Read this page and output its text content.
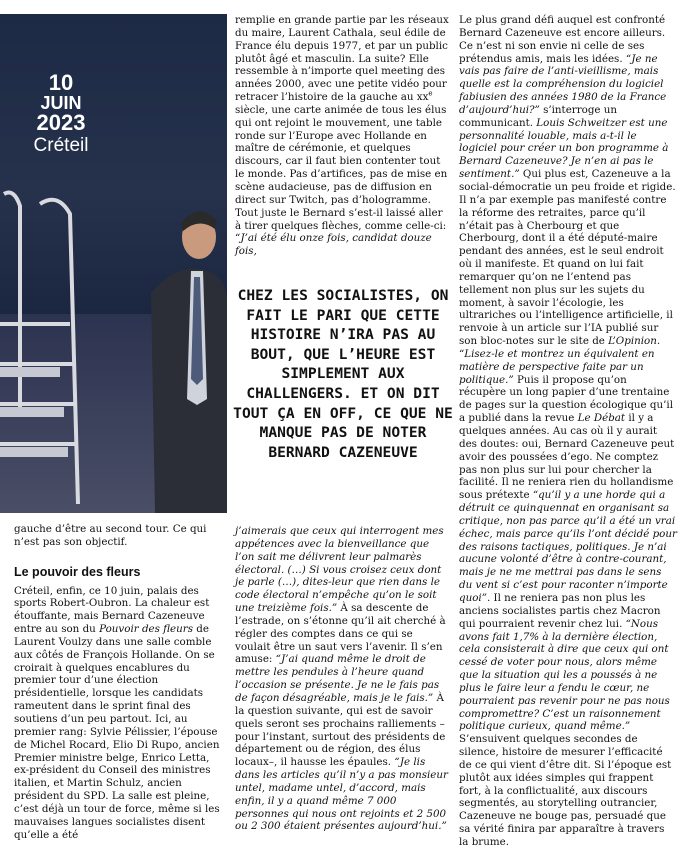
10
JUIN
2023
Créteil
CHEZ LES SOCIALISTES, ON FAIT LE PARI QUE CETTE HISTOIRE N’IRA PAS AU BOUT, QUE L’HEURE EST SIMPLEMENT AUX CHALLENGERS. ET ON DIT TOUT ÇA EN OFF, CE QUE NE MANQUE PAS DE NOTER BERNARD CAZENEUVE

gauche d’être au second tour. Ce qui n’est pas son objectif.

Le pouvoir des fleurs

Créteil, enfin, ce 10 juin, palais des sports Robert-Oubron. La chaleur est étouffante, mais Bernard Cazeneuve entre au son du Pouvoir des fleurs de Laurent Voulzy dans une salle comble aux côtés de François Hollande. On se croirait à quelques encablures du premier tour d’une élection présidentielle, lorsque les candidats rameutent dans le sprint final des soutiens d’un peu partout. Ici, au premier rang: Sylvie Pélissier, l’épouse de Michel Rocard, Elio Di Rupo, ancien Premier ministre belge, Enrico Letta, ex-président du Conseil des ministres italien, et Martin Schulz, ancien président du SPD. La salle est pleine, c’est déjà un tour de force, même si les mauvaises langues socialistes disent qu’elle a été

remplie en grande partie par les réseaux du maire, Laurent Cathala, seul édile de France élu depuis 1977, et par un public plutôt âgé et masculin. La suite? Elle ressemble à n’importe quel meeting des années 2000, avec une petite vidéo pour retracer l’histoire de la gauche au $xx^e$ siècle, une carte animée de tous les élus qui ont rejoint le mouvement, une table ronde sur l’Europe avec Hollande en maître de cérémonie, et quelques discours, car il faut bien contenter tout le monde. Pas d’artifices, pas de mise en scène audacieuse, pas de diffusion en direct sur Twitch, pas d’hologramme. Tout juste le Bernard s’est-il laissé aller à tirer quelques flèches, comme celle-ci: “J’ai été élu onze fois, candidat douze fois,

j’aimerais que ceux qui interrogent mes appétences avec la bienveillance que l’on sait me délivrent leur palmarès électoral. (…) Si vous croisez ceux dont je parle (…), dites-leur que rien dans le code électoral n’empêche qu’on le soit une treizième fois.” À sa descente de l’estrade, on s’étonne qu’il ait cherché à régler des comptes dans ce qui se voulait être un saut vers l’avenir. Il s’en amuse: “J’ai quand même le droit de mettre les pendules à l’heure quand l’occasion se présente. Je ne le fais pas de façon désagréable, mais je le fais.” À la question suivante, qui est de savoir quels seront ses prochains ralliements –pour l’instant, surtout des présidents de département ou de région, des élus locaux–, il hausse les épaules. “Je lis dans les articles qu’il n’y a pas monsieur untel, madame untel, d’accord, mais enfin, il y a quand même 7 000 personnes qui nous ont rejoints et 2 500 ou 2 300 étaient présentes aujourd’hui.”

Le plus grand défi auquel est confronté Bernard Cazeneuve est encore ailleurs. Ce n’est ni son envie ni celle de ses prétendus amis, mais les idées. “Je ne vais pas faire de l’anti-vieillisme, mais quelle est la compréhension du logiciel fabiusien des années 1980 de la France d’aujourd’hui?” s’interroge un communicant. Louis Schweitzer est une personnalité louable, mais a-t-il le logiciel pour créer un bon programme à Bernard Cazeneuve? Je n’en ai pas le sentiment.” Qui plus est, Cazeneuve a la social-démocratie un peu froide et rigide. Il n’a par exemple pas manifesté contre la réforme des retraites, parce qu’il n’était pas à Cherbourg et que Cherbourg, dont il a été député-maire pendant des années, est le seul endroit où il manifeste. Et quand on lui fait remarquer qu’on ne l’entend pas tellement non plus sur les sujets du moment, à savoir l’écologie, les ultrariches ou l’intelligence artificielle, il renvoie à un article sur l’IA publié sur son bloc-notes sur le site de L’Opinion. “Lisez-le et montrez un équivalent en matière de perspective faite par un politique.” Puis il propose qu’on récupère un long papier d’une trentaine de pages sur la question écologique qu’il a publié dans la revue Le Débat il y a quelques années. Au cas où il y aurait des doutes: oui, Bernard Cazeneuve peut avoir des poussées d’ego. Ne comptez pas non plus sur lui pour chercher la facilité. Il ne reniera rien du hollandisme sous prétexte “qu’il y a une horde qui a détruit ce quinquennat en organisant sa critique, non pas parce qu’il a été un vrai échec, mais parce qu’ils l’ont décidé pour des raisons tactiques, politiques. Je n’ai aucune volonté d’être à contre-courant, mais je ne me mettrai pas dans le sens du vent si c’est pour raconter n’importe quoi”. Il ne reniera pas non plus les anciens socialistes partis chez Macron qui pourraient revenir chez lui. “Nous avons fait 1,7% à la dernière élection, cela consisterait à dire que ceux qui ont cessé de voter pour nous, alors même que la situation qui les a poussés à ne plus le faire leur a fendu le cœur, ne pourraient pas revenir pour ne pas nous compromettre? C’est un raisonnement politique curieux, quand même.” S’ensuivent quelques secondes de silence, histoire de mesurer l’efficacité de ce qui vient d’être dit. Si l’époque est plutôt aux idées simples qui frappent fort, à la conflictualité, aux discours segmentés, au storytelling outrancier, Cazeneuve ne bouge pas, persuadé que sa vérité finira par apparaître à travers la brume.
